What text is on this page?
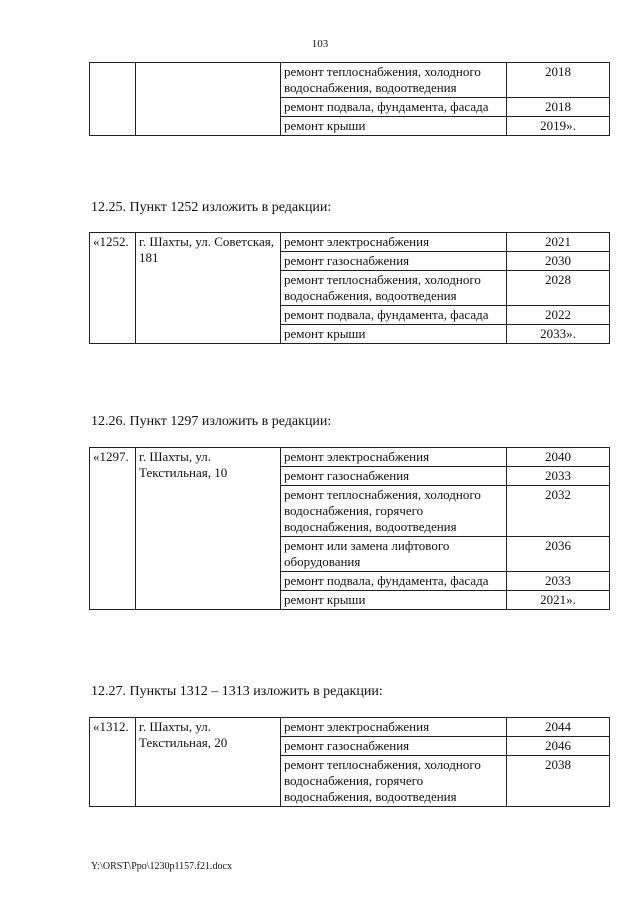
103
		ремонт теплоснабжения, холодного водоснабжения, водоотведения	2018
		ремонт подвала, фундамента, фасада	2018
		ремонт крыши	2019».
12.25. Пункт 1252 изложить в редакции:
«1252.	г. Шахты, ул. Советская, 181	ремонт электроснабжения	2021
		ремонт газоснабжения	2030
		ремонт теплоснабжения, холодного водоснабжения, водоотведения	2028
		ремонт подвала, фундамента, фасада	2022
		ремонт крыши	2033».
12.26. Пункт 1297 изложить в редакции:
«1297.	г. Шахты, ул. Текстильная, 10	ремонт электроснабжения	2040
		ремонт газоснабжения	2033
		ремонт теплоснабжения, холодного водоснабжения, горячего водоснабжения, водоотведения	2032
		ремонт или замена лифтового оборудования	2036
		ремонт подвала, фундамента, фасада	2033
		ремонт крыши	2021».
12.27. Пункты 1312 – 1313 изложить в редакции:
«1312.	г. Шахты, ул. Текстильная, 20	ремонт электроснабжения	2044
		ремонт газоснабжения	2046
		ремонт теплоснабжения, холодного водоснабжения, горячего водоснабжения, водоотведения	2038
Y:\ORST\Ppo\1230p1157.f21.docx
